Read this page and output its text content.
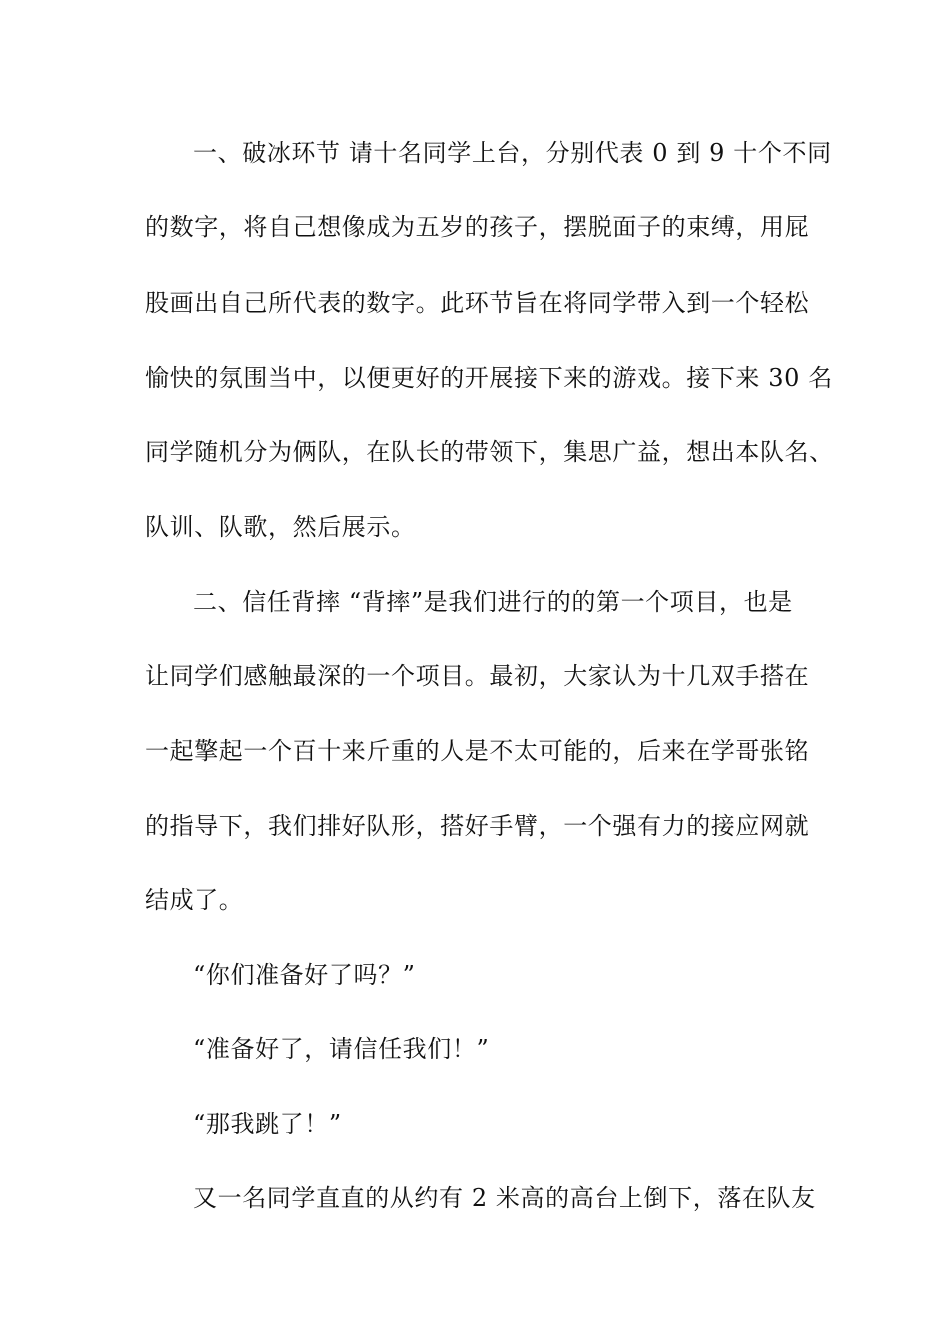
一、破冰环节 请十名同学上台，分别代表 0 到 9 十个不同
的数字，将自己想像成为五岁的孩子，摆脱面子的束缚，用屁
股画出自己所代表的数字。此环节旨在将同学带入到一个轻松
愉快的氛围当中，以便更好的开展接下来的游戏。接下来 30 名
同学随机分为俩队，在队长的带领下，集思广益，想出本队名、
队训、队歌，然后展示。
二、信任背摔 “背摔”是我们进行的的第一个项目，也是
让同学们感触最深的一个项目。最初，大家认为十几双手搭在
一起擎起一个百十来斤重的人是不太可能的，后来在学哥张铭
的指导下，我们排好队形，搭好手臂，一个强有力的接应网就
结成了。
“你们准备好了吗？”
“准备好了，请信任我们！”
“那我跳了！”
又一名同学直直的从约有 2 米高的高台上倒下，落在队友
